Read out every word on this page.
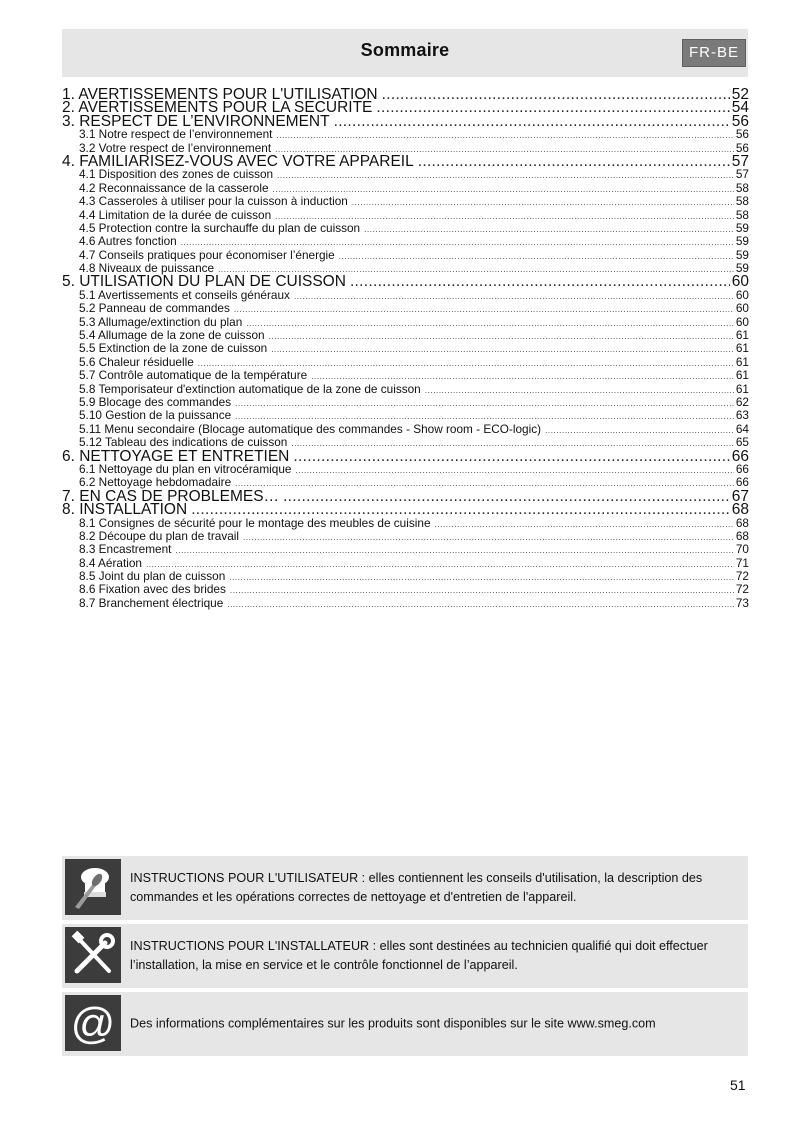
Sommaire	FR-BE
1. AVERTISSEMENTS POUR L'UTILISATION .....	52
2. AVERTISSEMENTS POUR LA SECURITE .....	54
3. RESPECT DE L’ENVIRONNEMENT .....	56
3.1 Notre respect de l’environnement .....	56
3.2 Votre respect de l’environnement .....	56
4. FAMILIARISEZ-VOUS AVEC VOTRE APPAREIL .....	57
4.1 Disposition des zones de cuisson .....	57
4.2 Reconnaissance de la casserole .....	58
4.3 Casseroles à utiliser pour la cuisson à induction .....	58
4.4 Limitation de la durée de cuisson .....	58
4.5 Protection contre la surchauffe du plan de cuisson .....	59
4.6 Autres fonction .....	59
4.7 Conseils pratiques pour économiser l’énergie .....	59
4.8 Niveaux de puissance .....	59
5. UTILISATION DU PLAN DE CUISSON .....	60
5.1 Avertissements et conseils généraux .....	60
5.2 Panneau de commandes .....	60
5.3 Allumage/extinction du plan .....	60
5.4 Allumage de la zone de cuisson .....	61
5.5 Extinction de la zone de cuisson .....	61
5.6 Chaleur résiduelle .....	61
5.7 Contrôle automatique de la température .....	61
5.8 Temporisateur d'extinction automatique de la zone de cuisson .....	61
5.9 Blocage des commandes .....	62
5.10 Gestion de la puissance .....	63
5.11 Menu secondaire (Blocage automatique des commandes - Show room - ECO-logic) .....	64
5.12 Tableau des indications de cuisson .....	65
6. NETTOYAGE ET ENTRETIEN .....	66
6.1 Nettoyage du plan en vitrocéramique .....	66
6.2 Nettoyage hebdomadaire .....	66
7. EN CAS DE PROBLEMES… .....	67
8. INSTALLATION .....	68
8.1 Consignes de sécurité pour le montage des meubles de cuisine .....	68
8.2 Découpe du plan de travail .....	68
8.3 Encastrement .....	70
8.4 Aération .....	71
8.5 Joint du plan de cuisson .....	72
8.6 Fixation avec des brides .....	72
8.7 Branchement électrique .....	73
INSTRUCTIONS POUR L'UTILISATEUR : elles contiennent les conseils d'utilisation, la description des commandes et les opérations correctes de nettoyage et d'entretien de l'appareil.
INSTRUCTIONS POUR L'INSTALLATEUR : elles sont destinées au technicien qualifié qui doit effectuer l’installation, la mise en service et le contrôle fonctionnel de l’appareil.
@ Des informations complémentaires sur les produits sont disponibles sur le site www.smeg.com
51
